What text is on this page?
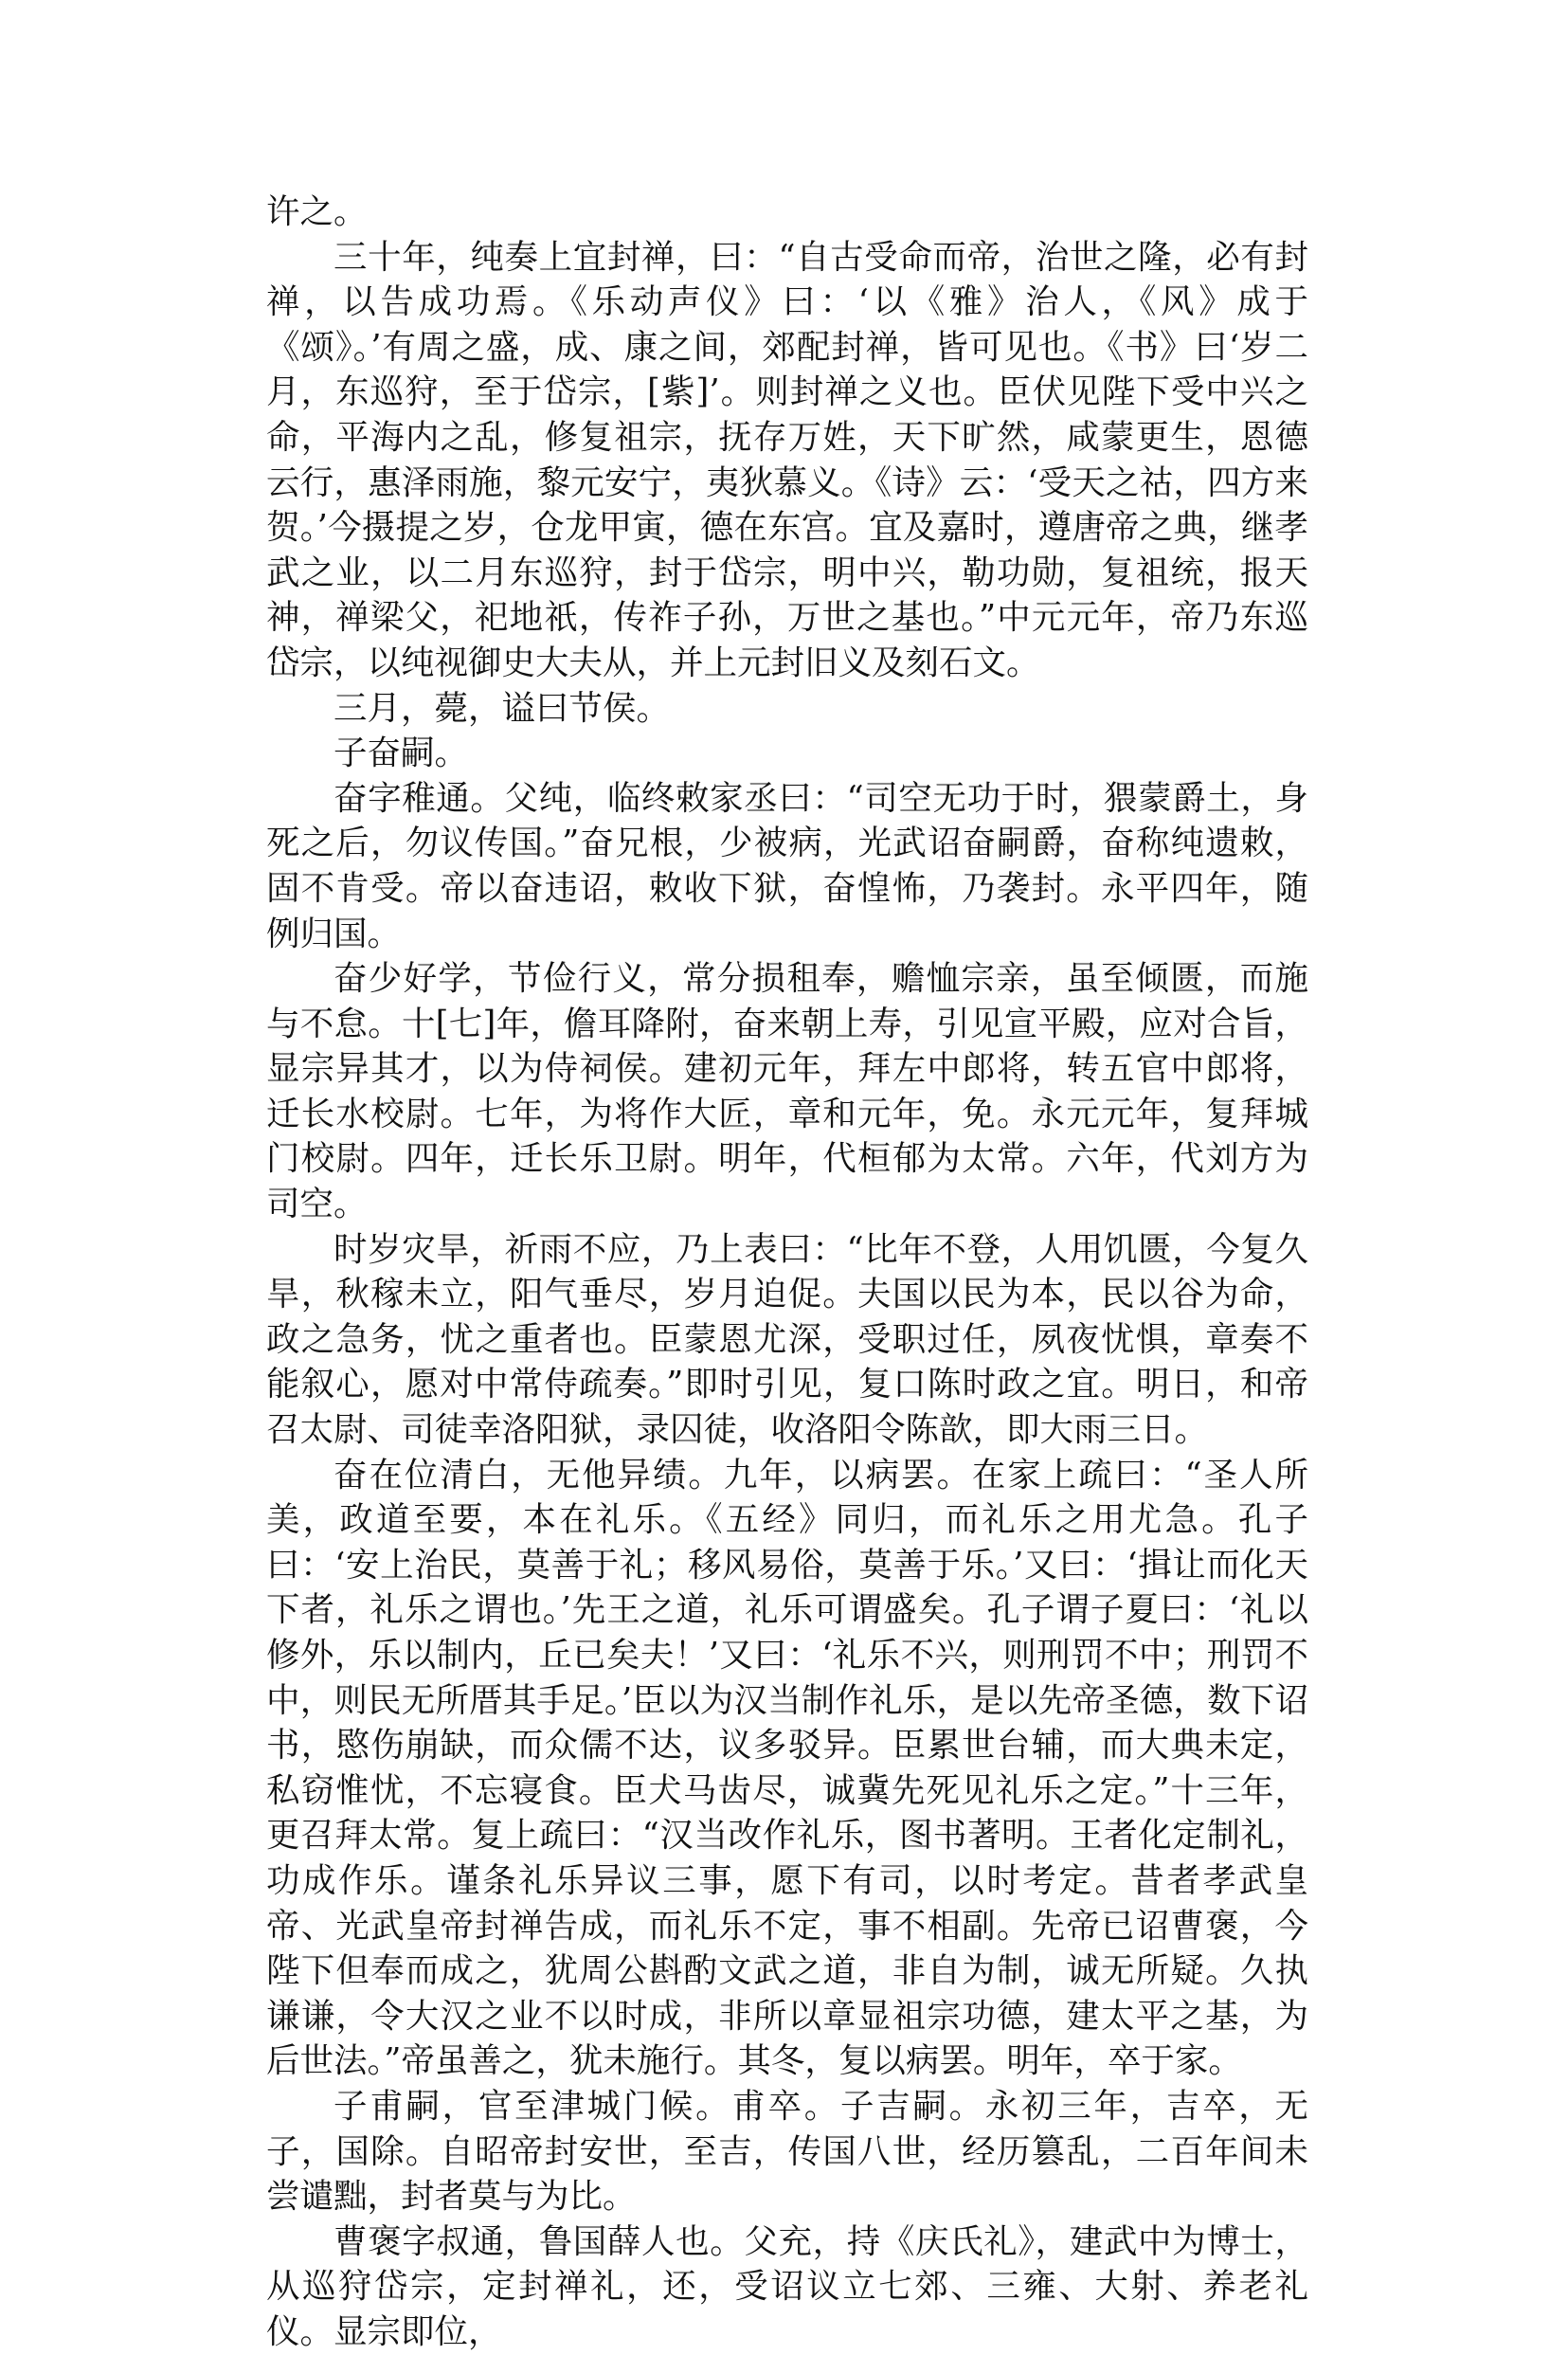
许之。

三十年，纯奏上宜封禅，曰：“自古受命而帝，治世之隆，必有封禅，以告成功焉。《乐动声仪》曰：‘以《雅》治人，《风》成于《颂》。’有周之盛，成、康之间，郊配封禅，皆可见也。《书》曰‘岁二月，东巡狩，至于岱宗，[紫]’。则封禅之义也。臣伏见陛下受中兴之命，平海内之乱，修复祖宗，抚存万姓，天下旷然，咸蒙更生，恩德云行，惠泽雨施，黎元安宁，夷狄慕义。《诗》云：‘受天之祜，四方来贺。’今摄提之岁，仓龙甲寅，德在东宫。宜及嘉时，遵唐帝之典，继孝武之业，以二月东巡狩，封于岱宗，明中兴，勒功勋，复祖统，报天神，禅梁父，祀地祇，传祚子孙，万世之基也。”中元元年，帝乃东巡岱宗，以纯视御史大夫从，并上元封旧义及刻石文。

三月，薨，谥曰节侯。

子奋嗣。

奋字稚通。父纯，临终敕家丞曰：“司空无功于时，猥蒙爵土，身死之后，勿议传国。”奋兄根，少被病，光武诏奋嗣爵，奋称纯遗敕，固不肯受。帝以奋违诏，敕收下狱，奋惶怖，乃袭封。永平四年，随例归国。

奋少好学，节俭行义，常分损租奉，赡恤宗亲，虽至倾匮，而施与不怠。十[七]年，儋耳降附，奋来朝上寿，引见宣平殿，应对合旨，显宗异其才，以为侍祠侯。建初元年，拜左中郎将，转五官中郎将，迁长水校尉。七年，为将作大匠，章和元年，免。永元元年，复拜城门校尉。四年，迁长乐卫尉。明年，代桓郁为太常。六年，代刘方为司空。

时岁灾旱，祈雨不应，乃上表曰：“比年不登，人用饥匮，今复久旱，秋稼未立，阳气垂尽，岁月迫促。夫国以民为本，民以谷为命，政之急务，忧之重者也。臣蒙恩尤深，受职过任，夙夜忧惧，章奏不能叙心，愿对中常侍疏奏。”即时引见，复口陈时政之宜。明日，和帝召太尉、司徒幸洛阳狱，录囚徒，收洛阳令陈歆，即大雨三日。

奋在位清白，无他异绩。九年，以病罢。在家上疏曰：“圣人所美，政道至要，本在礼乐。《五经》同归，而礼乐之用尤急。孔子曰：‘安上治民，莫善于礼；移风易俗，莫善于乐。’又曰：‘揖让而化天下者，礼乐之谓也。’先王之道，礼乐可谓盛矣。孔子谓子夏曰：‘礼以修外，乐以制内，丘已矣夫！’又曰：‘礼乐不兴，则刑罚不中；刑罚不中，则民无所厝其手足。’臣以为汉当制作礼乐，是以先帝圣德，数下诏书，愍伤崩缺，而众儒不达，议多驳异。臣累世台辅，而大典未定，私窃惟忧，不忘寝食。臣犬马齿尽，诚冀先死见礼乐之定。”十三年，更召拜太常。复上疏曰：“汉当改作礼乐，图书著明。王者化定制礼，功成作乐。谨条礼乐异议三事，愿下有司，以时考定。昔者孝武皇帝、光武皇帝封禅告成，而礼乐不定，事不相副。先帝已诏曹褒，今陛下但奉而成之，犹周公斟酌文武之道，非自为制，诚无所疑。久执谦谦，令大汉之业不以时成，非所以章显祖宗功德，建太平之基，为后世法。”帝虽善之，犹未施行。其冬，复以病罢。明年，卒于家。

子甫嗣，官至津城门候。甫卒。子吉嗣。永初三年，吉卒，无子，国除。自昭帝封安世，至吉，传国八世，经历篡乱，二百年间未尝谴黜，封者莫与为比。

曹褒字叔通，鲁国薛人也。父充，持《庆氏礼》，建武中为博士，从巡狩岱宗，定封禅礼，还，受诏议立七郊、三雍、大射、养老礼仪。显宗即位，
